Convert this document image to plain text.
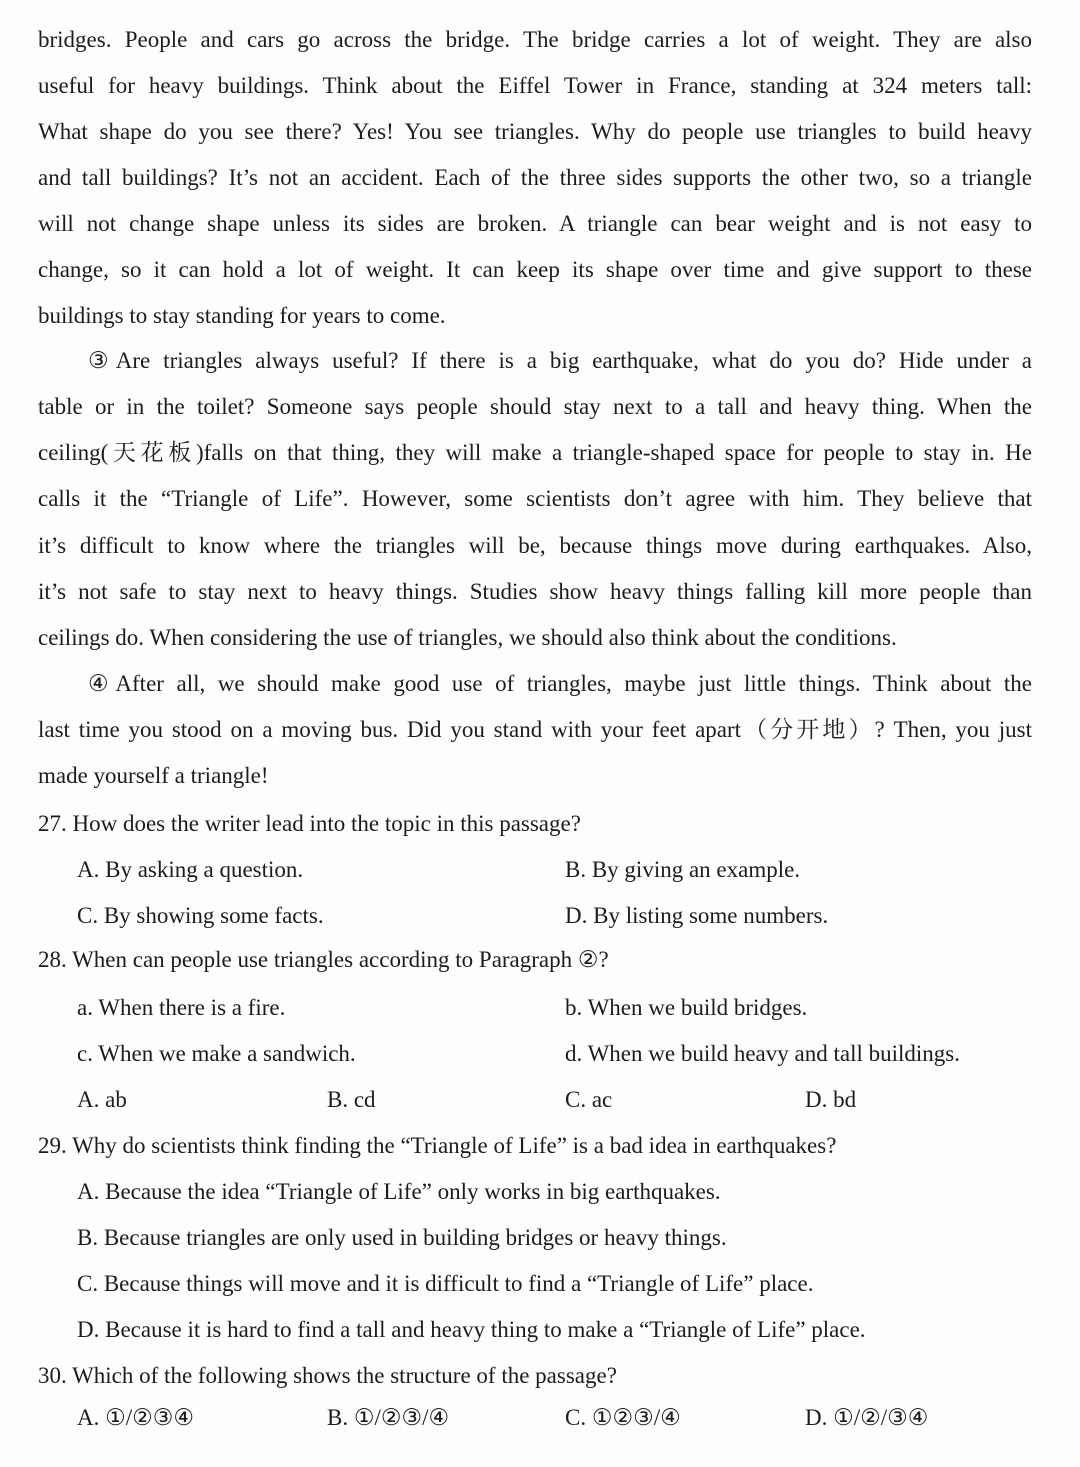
bridges. People and cars go across the bridge. The bridge carries a lot of weight. They are also
useful for heavy buildings. Think about the Eiffel Tower in France, standing at 324 meters tall:
What shape do you see there? Yes! You see triangles. Why do people use triangles to build heavy
and tall buildings? It’s not an accident. Each of the three sides supports the other two, so a triangle
will not change shape unless its sides are broken. A triangle can bear weight and is not easy to
change, so it can hold a lot of weight. It can keep its shape over time and give support to these
buildings to stay standing for years to come.
③Are triangles always useful? If there is a big earthquake, what do you do? Hide under a
table or in the toilet? Someone says people should stay next to a tall and heavy thing. When the
ceiling(天花板)falls on that thing, they will make a triangle-shaped space for people to stay in. He
calls it the “Triangle of Life”. However, some scientists don’t agree with him. They believe that
it’s difficult to know where the triangles will be, because things move during earthquakes. Also,
it’s not safe to stay next to heavy things. Studies show heavy things falling kill more people than
ceilings do. When considering the use of triangles, we should also think about the conditions.
④After all, we should make good use of triangles, maybe just little things. Think about the
last time you stood on a moving bus. Did you stand with your feet apart（分开地）? Then, you just
made yourself a triangle!
27. How does the writer lead into the topic in this passage?
A. By asking a question.	B. By giving an example.
C. By showing some facts.	D. By listing some numbers.
28. When can people use triangles according to Paragraph ②?
a. When there is a fire.	b. When we build bridges.
c. When we make a sandwich.	d. When we build heavy and tall buildings.
A. ab	B. cd	C. ac	D. bd
29. Why do scientists think finding the “Triangle of Life” is a bad idea in earthquakes?
A. Because the idea “Triangle of Life” only works in big earthquakes.
B. Because triangles are only used in building bridges or heavy things.
C. Because things will move and it is difficult to find a “Triangle of Life” place.
D. Because it is hard to find a tall and heavy thing to make a “Triangle of Life” place.
30. Which of the following shows the structure of the passage?
A. ①/②③④	B. ①/②③/④	C. ①②③/④	D. ①/②/③④
